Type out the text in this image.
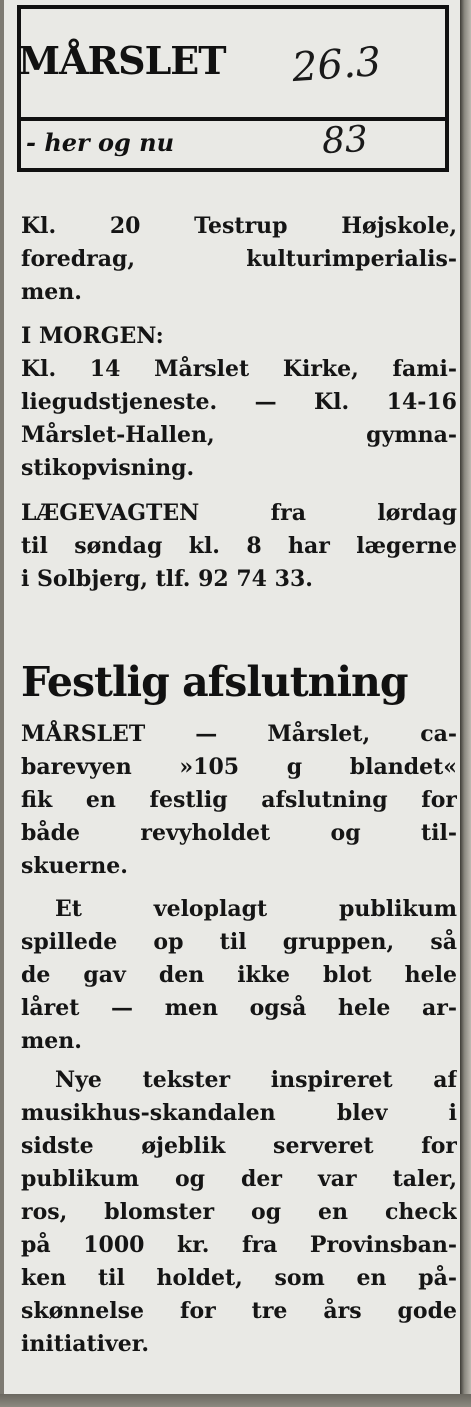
MÅRSLET 26.3
- her og nu	83
Kl. 20 Testrup Højskole,
foredrag, kulturimperialis-
men.
I MORGEN:
Kl. 14 Mårslet Kirke, fami-
liegudstjeneste. — Kl. 14-16
Mårslet-Hallen, gymna-
stikopvisning.
LÆGEVAGTEN fra lørdag
til søndag kl. 8 har lægerne
i Solbjerg, tlf. 92 74 33.
Festlig afslutning
MÅRSLET — Mårslet, ca-
barevyen »105 g blandet«
fik en festlig afslutning for
både revyholdet og til-
skuerne.
Et veloplagt publikum
spillede op til gruppen, så
de gav den ikke blot hele
låret — men også hele ar-
men.
Nye tekster inspireret af
musikhus-skandalen blev i
sidste øjeblik serveret for
publikum og der var taler,
ros, blomster og en check
på 1000 kr. fra Provinsban-
ken til holdet, som en på-
skønnelse for tre års gode
initiativer.
